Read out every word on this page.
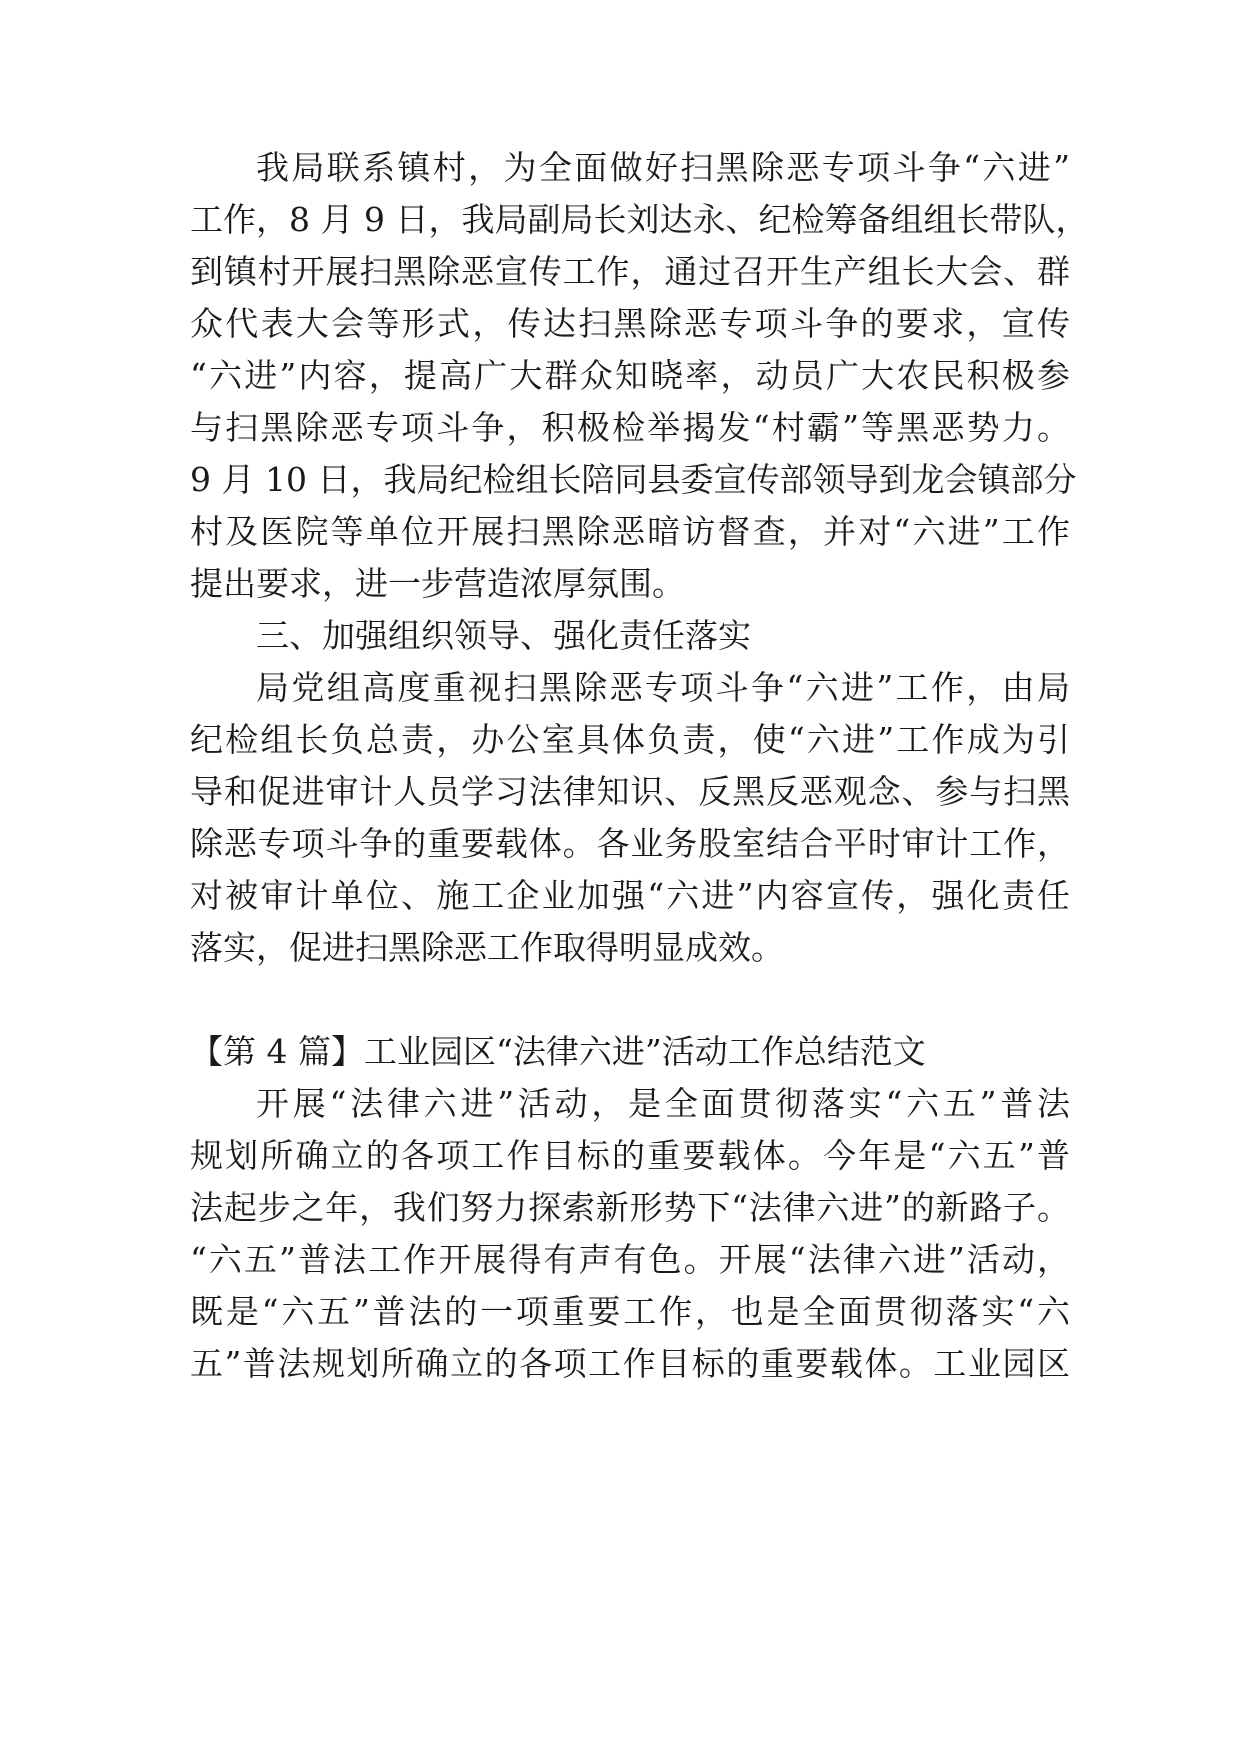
我局联系镇村，为全面做好扫黑除恶专项斗争“六进”
工作，8 月 9 日，我局副局长刘达永、纪检筹备组组长带队，
到镇村开展扫黑除恶宣传工作，通过召开生产组长大会、群
众代表大会等形式，传达扫黑除恶专项斗争的要求，宣传
“六进”内容，提高广大群众知晓率，动员广大农民积极参
与扫黑除恶专项斗争，积极检举揭发“村霸”等黑恶势力。
9 月 10 日，我局纪检组长陪同县委宣传部领导到龙会镇部分
村及医院等单位开展扫黑除恶暗访督查，并对“六进”工作
提出要求，进一步营造浓厚氛围。
三、加强组织领导、强化责任落实
局党组高度重视扫黑除恶专项斗争“六进”工作，由局
纪检组长负总责，办公室具体负责，使“六进”工作成为引
导和促进审计人员学习法律知识、反黑反恶观念、参与扫黑
除恶专项斗争的重要载体。各业务股室结合平时审计工作，
对被审计单位、施工企业加强“六进”内容宣传，强化责任
落实，促进扫黑除恶工作取得明显成效。
【第 4 篇】工业园区“法律六进”活动工作总结范文
开展“法律六进”活动，是全面贯彻落实“六五”普法
规划所确立的各项工作目标的重要载体。今年是“六五”普
法起步之年，我们努力探索新形势下“法律六进”的新路子。
“六五”普法工作开展得有声有色。开展“法律六进”活动，
既是“六五”普法的一项重要工作，也是全面贯彻落实“六
五”普法规划所确立的各项工作目标的重要载体。工业园区
